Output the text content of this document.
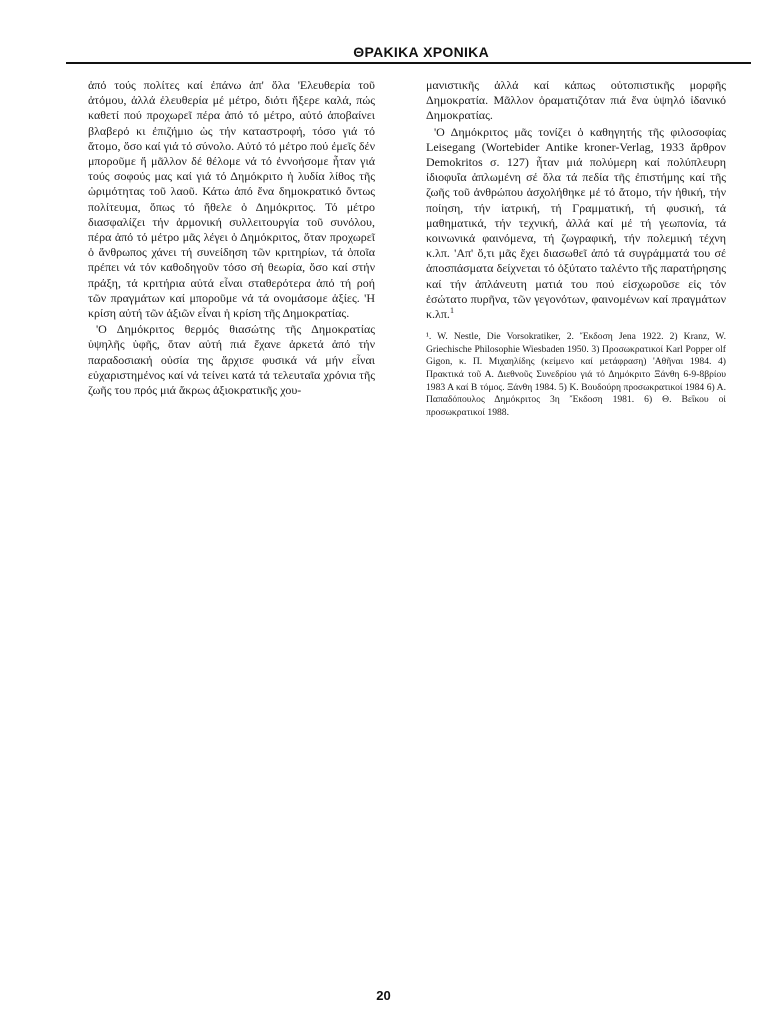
ΘΡΑΚΙΚΑ ΧΡΟΝΙΚΑ

ἀπό τούς πολίτες καί ἐπάνω ἀπ' ὅλα 'Ελευθερία τοῦ ἀτόμου, ἀλλά ἐλευθερία μέ μέτρο, διότι ἤξερε καλά, πώς καθετί πού προχωρεῖ πέρα ἀπό τό μέτρο, αὐτό ἀποβαίνει βλαβερό κι ἐπιζήμιο ὡς τήν καταστροφή, τόσο γιά τό ἄτομο, ὅσο καί γιά τό σύνολο. Αὐτό τό μέτρο πού ἐμεῖς δέν μποροῦμε ἤ μᾶλλον δέ θέλομε νά τό ἐννοήσομε ἦταν γιά τούς σοφούς μας καί γιά τό Δημόκριτο ἡ λυδία λίθος τῆς ὡριμότητας τοῦ λαοῦ. Κάτω ἀπό ἕνα δημοκρατικό ὄντως πολίτευμα, ὅπως τό ἤθελε ὁ Δημόκριτος. Τό μέτρο διασφαλίζει τήν ἁρμονική συλλειτουργία τοῦ συνόλου, πέρα ἀπό τό μέτρο μᾶς λέγει ὁ Δημόκριτος, ὅταν προχωρεῖ ὁ ἄνθρωπος χάνει τή συνείδηση τῶν κριτηρίων, τά ὁποῖα πρέπει νά τόν καθοδηγοῦν τόσο σή θεωρία, ὅσο καί στήν πράξη, τά κριτήρια αὐτά εἶναι σταθερότερα ἀπό τή ροή τῶν πραγμάτων καί μποροῦμε νά τά ονομάσομε ἀξίες. 'Η κρίση αὐτή τῶν ἀξιῶν εἶναι ἡ κρίση τῆς Δημοκρατίας.

'Ο Δημόκριτος θερμός θιασώτης τῆς Δημοκρατίας ὑψηλῆς ὑφῆς, ὅταν αὐτή πιά ἔχανε ἀρκετά ἀπό τήν παραδοσιακή οὐσία της ἄρχισε φυσικά νά μήν εἶναι εὐχαριστημένος καί νά τείνει κατά τά τελευταῖα χρόνια τῆς ζωῆς του πρός μιά ἄκρως ἀξιοκρατικῆς χου-

μανιστικῆς ἀλλά καί κάπως οὐτοπιστικῆς μορφῆς Δημοκρατία. Μᾶλλον ὁραματιζόταν πιά ἕνα ὑψηλό ἰδανικό Δημοκρατίας.

'Ο Δημόκριτος μᾶς τονίζει ὁ καθηγητής τῆς φιλοσοφίας Leisegang (Wortebider Antike kroner-Verlag, 1933 ἄρθρον Demokritos σ. 127) ἦταν μιά πολύμερη καί πολύπλευρη ἰδιοφυΐα ἀπλωμένη σέ ὅλα τά πεδία τῆς ἐπιστήμης καί τῆς ζωῆς τοῦ ἀνθρώπου ἀσχολήθηκε μέ τό ἄτομο, τήν ἠθική, τήν ποίηση, τήν ἰατρική, τή Γραμματική, τή φυσική, τά μαθηματικά, τήν τεχνική, ἀλλά καί μέ τή γεωπονία, τά κοινωνικά φαινόμενα, τή ζωγραφική, τήν πολεμική τέχνη κ.λπ. 'Απ' ὅ,τι μᾶς ἔχει διασωθεῖ ἀπό τά συγράμματά του σέ ἀποσπάσματα δείχνεται τό ὀξύτατο ταλέντο τῆς παρατήρησης καί τήν ἀπλάνευτη ματιά του πού εἰσχωροῦσε εἰς τόν ἐσώτατο πυρῆνα, τῶν γεγονότων, φαινομένων καί πραγμάτων κ.λπ.$^1$

¹. W. Nestle, Die Vorsokratiker, 2. Ἔκδοση Jena 1922. 2) Kranz, W. Griechische Philosophie Wiesbaden 1950. 3) Προσωκρατικοί Karl Popper olf Gigon, κ. Π. Μιχαηλίδης (κείμενο καί μετάφραση) 'Αθῆναι 1984. 4) Πρακτικά τοῦ Α. Διεθνοῦς Συνεδρίου γιά τό Δημόκριτο Ξάνθη 6-9-8βρίου 1983 Α καί Β τόμος. Ξάνθη 1984. 5) Κ. Βουδούρη προσωκρατικοί 1984 6) Α. Παπαδόπουλος Δημόκριτος 3η Ἔκδοση 1981. 6) Θ. Βεΐκου οἱ προσωκρατικοί 1988.
20
